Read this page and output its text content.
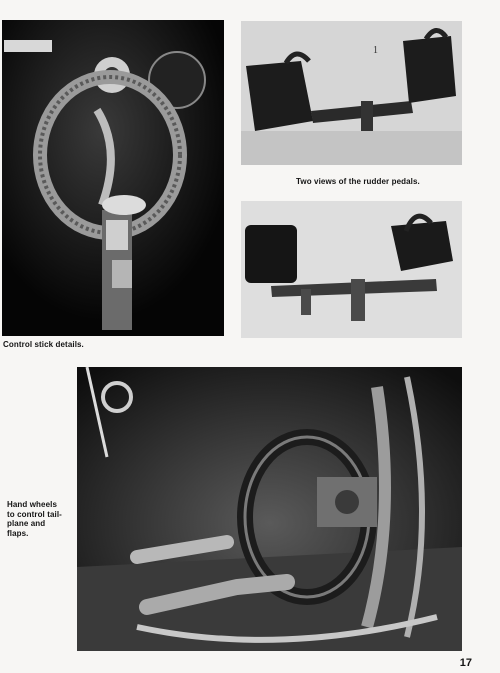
Control stick details.
1
Two views of the rudder pedals.
Hand wheels to control tail-plane and flaps.
17
